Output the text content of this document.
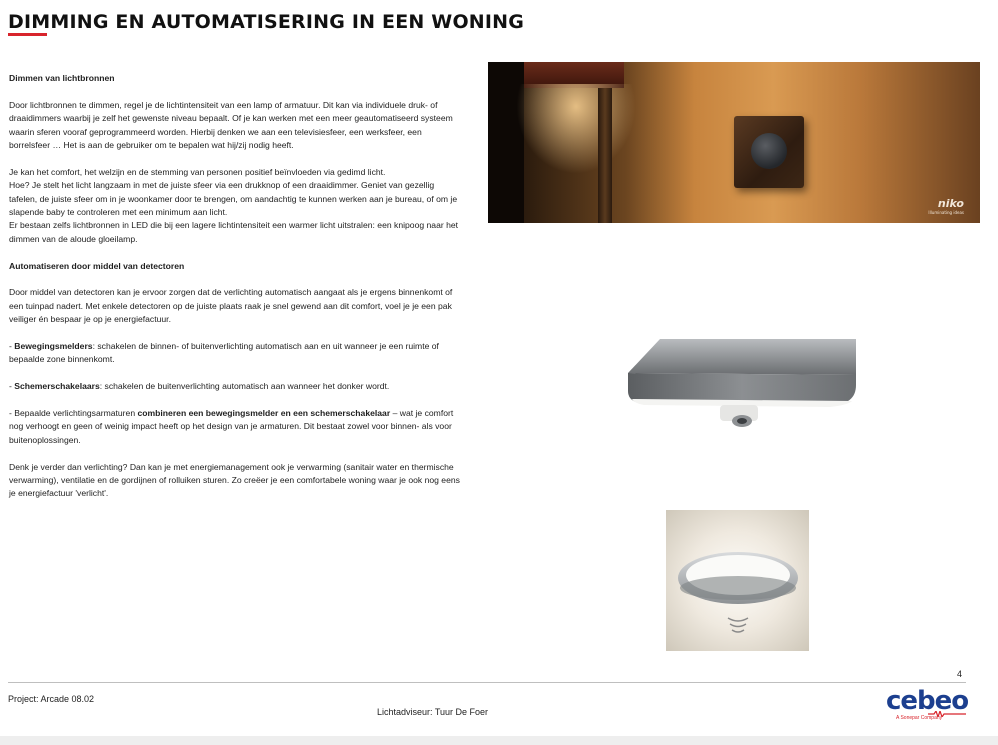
DIMMING EN AUTOMATISERING IN EEN WONING
Dimmen van lichtbronnen

Door lichtbronnen te dimmen, regel je de lichtintensiteit van een lamp of armatuur. Dit kan via individuele druk- of draaidimmers waarbij je zelf het gewenste niveau bepaalt. Of je kan werken met een meer geautomatiseerd systeem waarin sferen vooraf geprogrammeerd worden. Hierbij denken we aan een televisiesfeer, een werksfeer, een borrelsfeer … Het is aan de gebruiker om te bepalen wat hij/zij nodig heeft.

Je kan het comfort, het welzijn en de stemming van personen positief beïnvloeden via gedimd licht.
Hoe? Je stelt het licht langzaam in met de juiste sfeer via een drukknop of een draaidimmer. Geniet van gezellig tafelen, de juiste sfeer om in je woonkamer door te brengen, om aandachtig te kunnen werken aan je bureau, of om je slapende baby te controleren met een minimum aan licht.
Er bestaan zelfs lichtbronnen in LED die bij een lagere lichtintensiteit een warmer licht uitstralen: een knipoog naar het dimmen van de aloude gloeilamp.

Automatiseren door middel van detectoren

Door middel van detectoren kan je ervoor zorgen dat de verlichting automatisch aangaat als je ergens binnenkomt of een tuinpad nadert. Met enkele detectoren op de juiste plaats raak je snel gewend aan dit comfort, voel je je een pak veiliger én bespaar je op je energiefactuur.

- Bewegingsmelders: schakelen de binnen- of buitenverlichting automatisch aan en uit wanneer je een ruimte of bepaalde zone binnenkomt.

- Schemerschakelaars: schakelen de buitenverlichting automatisch aan wanneer het donker wordt.

- Bepaalde verlichtingsarmaturen combineren een bewegingsmelder en een schemerschakelaar – wat je comfort nog verhoogt en geen of weinig impact heeft op het design van je armaturen. Dit bestaat zowel voor binnen- als voor buitenoplossingen.

Denk je verder dan verlichting? Dan kan je met energiemanagement ook je verwarming (sanitair water en thermische verwarming), ventilatie en de gordijnen of rolluiken sturen. Zo creëer je een comfortabele woning waar je ook nog eens je energiefactuur 'verlicht'.

niko
Illuminating ideas
4
Project: Arcade 08.02
Lichtadviseur: Tuur De Foer	cebeo
A Sonepar Company
